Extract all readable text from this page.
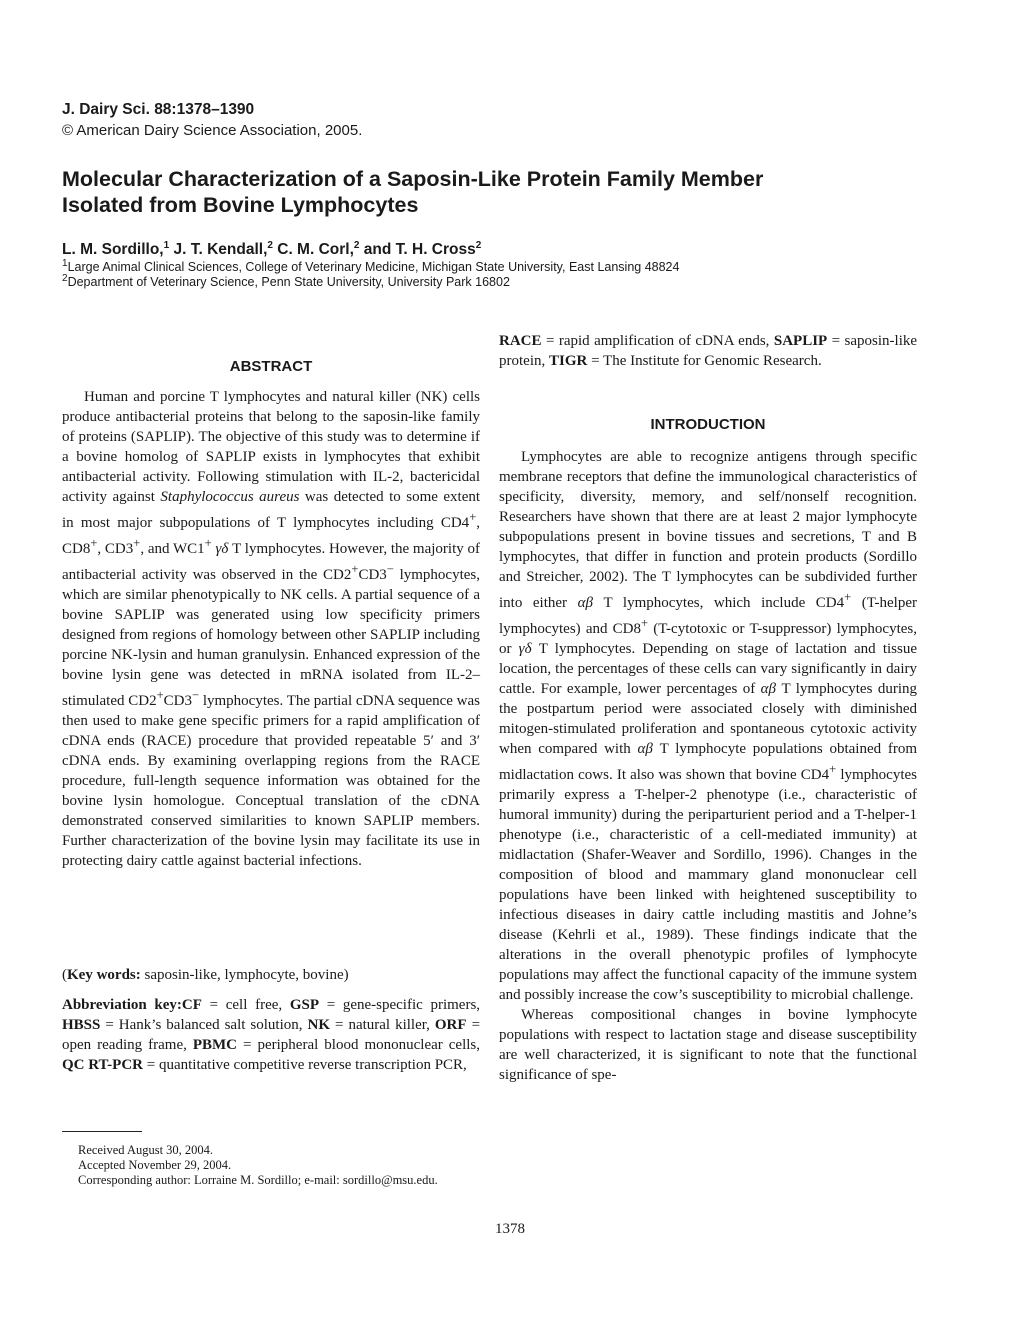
J. Dairy Sci. 88:1378–1390
© American Dairy Science Association, 2005.
Molecular Characterization of a Saposin-Like Protein Family Member Isolated from Bovine Lymphocytes
L. M. Sordillo,$^1$ J. T. Kendall,$^2$ C. M. Corl,$^2$ and T. H. Cross$^2$
$^1$Large Animal Clinical Sciences, College of Veterinary Medicine, Michigan State University, East Lansing 48824
$^2$Department of Veterinary Science, Penn State University, University Park 16802
ABSTRACT

Human and porcine T lymphocytes and natural killer (NK) cells produce antibacterial proteins that belong to the saposin-like family of proteins (SAPLIP). The objective of this study was to determine if a bovine homolog of SAPLIP exists in lymphocytes that exhibit antibacterial activity. Following stimulation with IL-2, bactericidal activity against Staphylococcus aureus was detected to some extent in most major subpopulations of T lymphocytes including CD4+, CD8+, CD3+, and WC1+ γδ T lymphocytes. However, the majority of antibacterial activity was observed in the CD2+CD3− lymphocytes, which are similar phenotypically to NK cells. A partial sequence of a bovine SAPLIP was generated using low specificity primers designed from regions of homology between other SAPLIP including porcine NK-lysin and human granulysin. Enhanced expression of the bovine lysin gene was detected in mRNA isolated from IL-2–stimulated CD2+CD3− lymphocytes. The partial cDNA sequence was then used to make gene specific primers for a rapid amplification of cDNA ends (RACE) procedure that provided repeatable 5′ and 3′ cDNA ends. By examining overlapping regions from the RACE procedure, full-length sequence information was obtained for the bovine lysin homologue. Conceptual translation of the cDNA demonstrated conserved similarities to known SAPLIP members. Further characterization of the bovine lysin may facilitate its use in protecting dairy cattle against bacterial infections.

(Key words: saposin-like, lymphocyte, bovine)
Abbreviation key:CF = cell free, GSP = gene-specific primers, HBSS = Hank’s balanced salt solution, NK = natural killer, ORF = open reading frame, PBMC = peripheral blood mononuclear cells, QC RT-PCR = quantitative competitive reverse transcription PCR,
Received August 30, 2004.
Accepted November 29, 2004.
Corresponding author: Lorraine M. Sordillo; e-mail: sordillo@msu.edu.
RACE = rapid amplification of cDNA ends, SAPLIP = saposin-like protein, TIGR = The Institute for Genomic Research.
INTRODUCTION

Lymphocytes are able to recognize antigens through specific membrane receptors that define the immunological characteristics of specificity, diversity, memory, and self/nonself recognition. Researchers have shown that there are at least 2 major lymphocyte subpopulations present in bovine tissues and secretions, T and B lymphocytes, that differ in function and protein products (Sordillo and Streicher, 2002). The T lymphocytes can be subdivided further into either αβ T lymphocytes, which include CD4+ (T-helper lymphocytes) and CD8+ (T-cytotoxic or T-suppressor) lymphocytes, or γδ T lymphocytes. Depending on stage of lactation and tissue location, the percentages of these cells can vary significantly in dairy cattle. For example, lower percentages of αβ T lymphocytes during the postpartum period were associated closely with diminished mitogen-stimulated proliferation and spontaneous cytotoxic activity when compared with αβ T lymphocyte populations obtained from midlactation cows. It also was shown that bovine CD4+ lymphocytes primarily express a T-helper-2 phenotype (i.e., characteristic of humoral immunity) during the periparturient period and a T-helper-1 phenotype (i.e., characteristic of a cell-mediated immunity) at midlactation (Shafer-Weaver and Sordillo, 1996). Changes in the composition of blood and mammary gland mononuclear cell populations have been linked with heightened susceptibility to infectious diseases in dairy cattle including mastitis and Johne’s disease (Kehrli et al., 1989). These findings indicate that the alterations in the overall phenotypic profiles of lymphocyte populations may affect the functional capacity of the immune system and possibly increase the cow’s susceptibility to microbial challenge.

Whereas compositional changes in bovine lymphocyte populations with respect to lactation stage and disease susceptibility are well characterized, it is significant to note that the functional significance of spe-

1378
